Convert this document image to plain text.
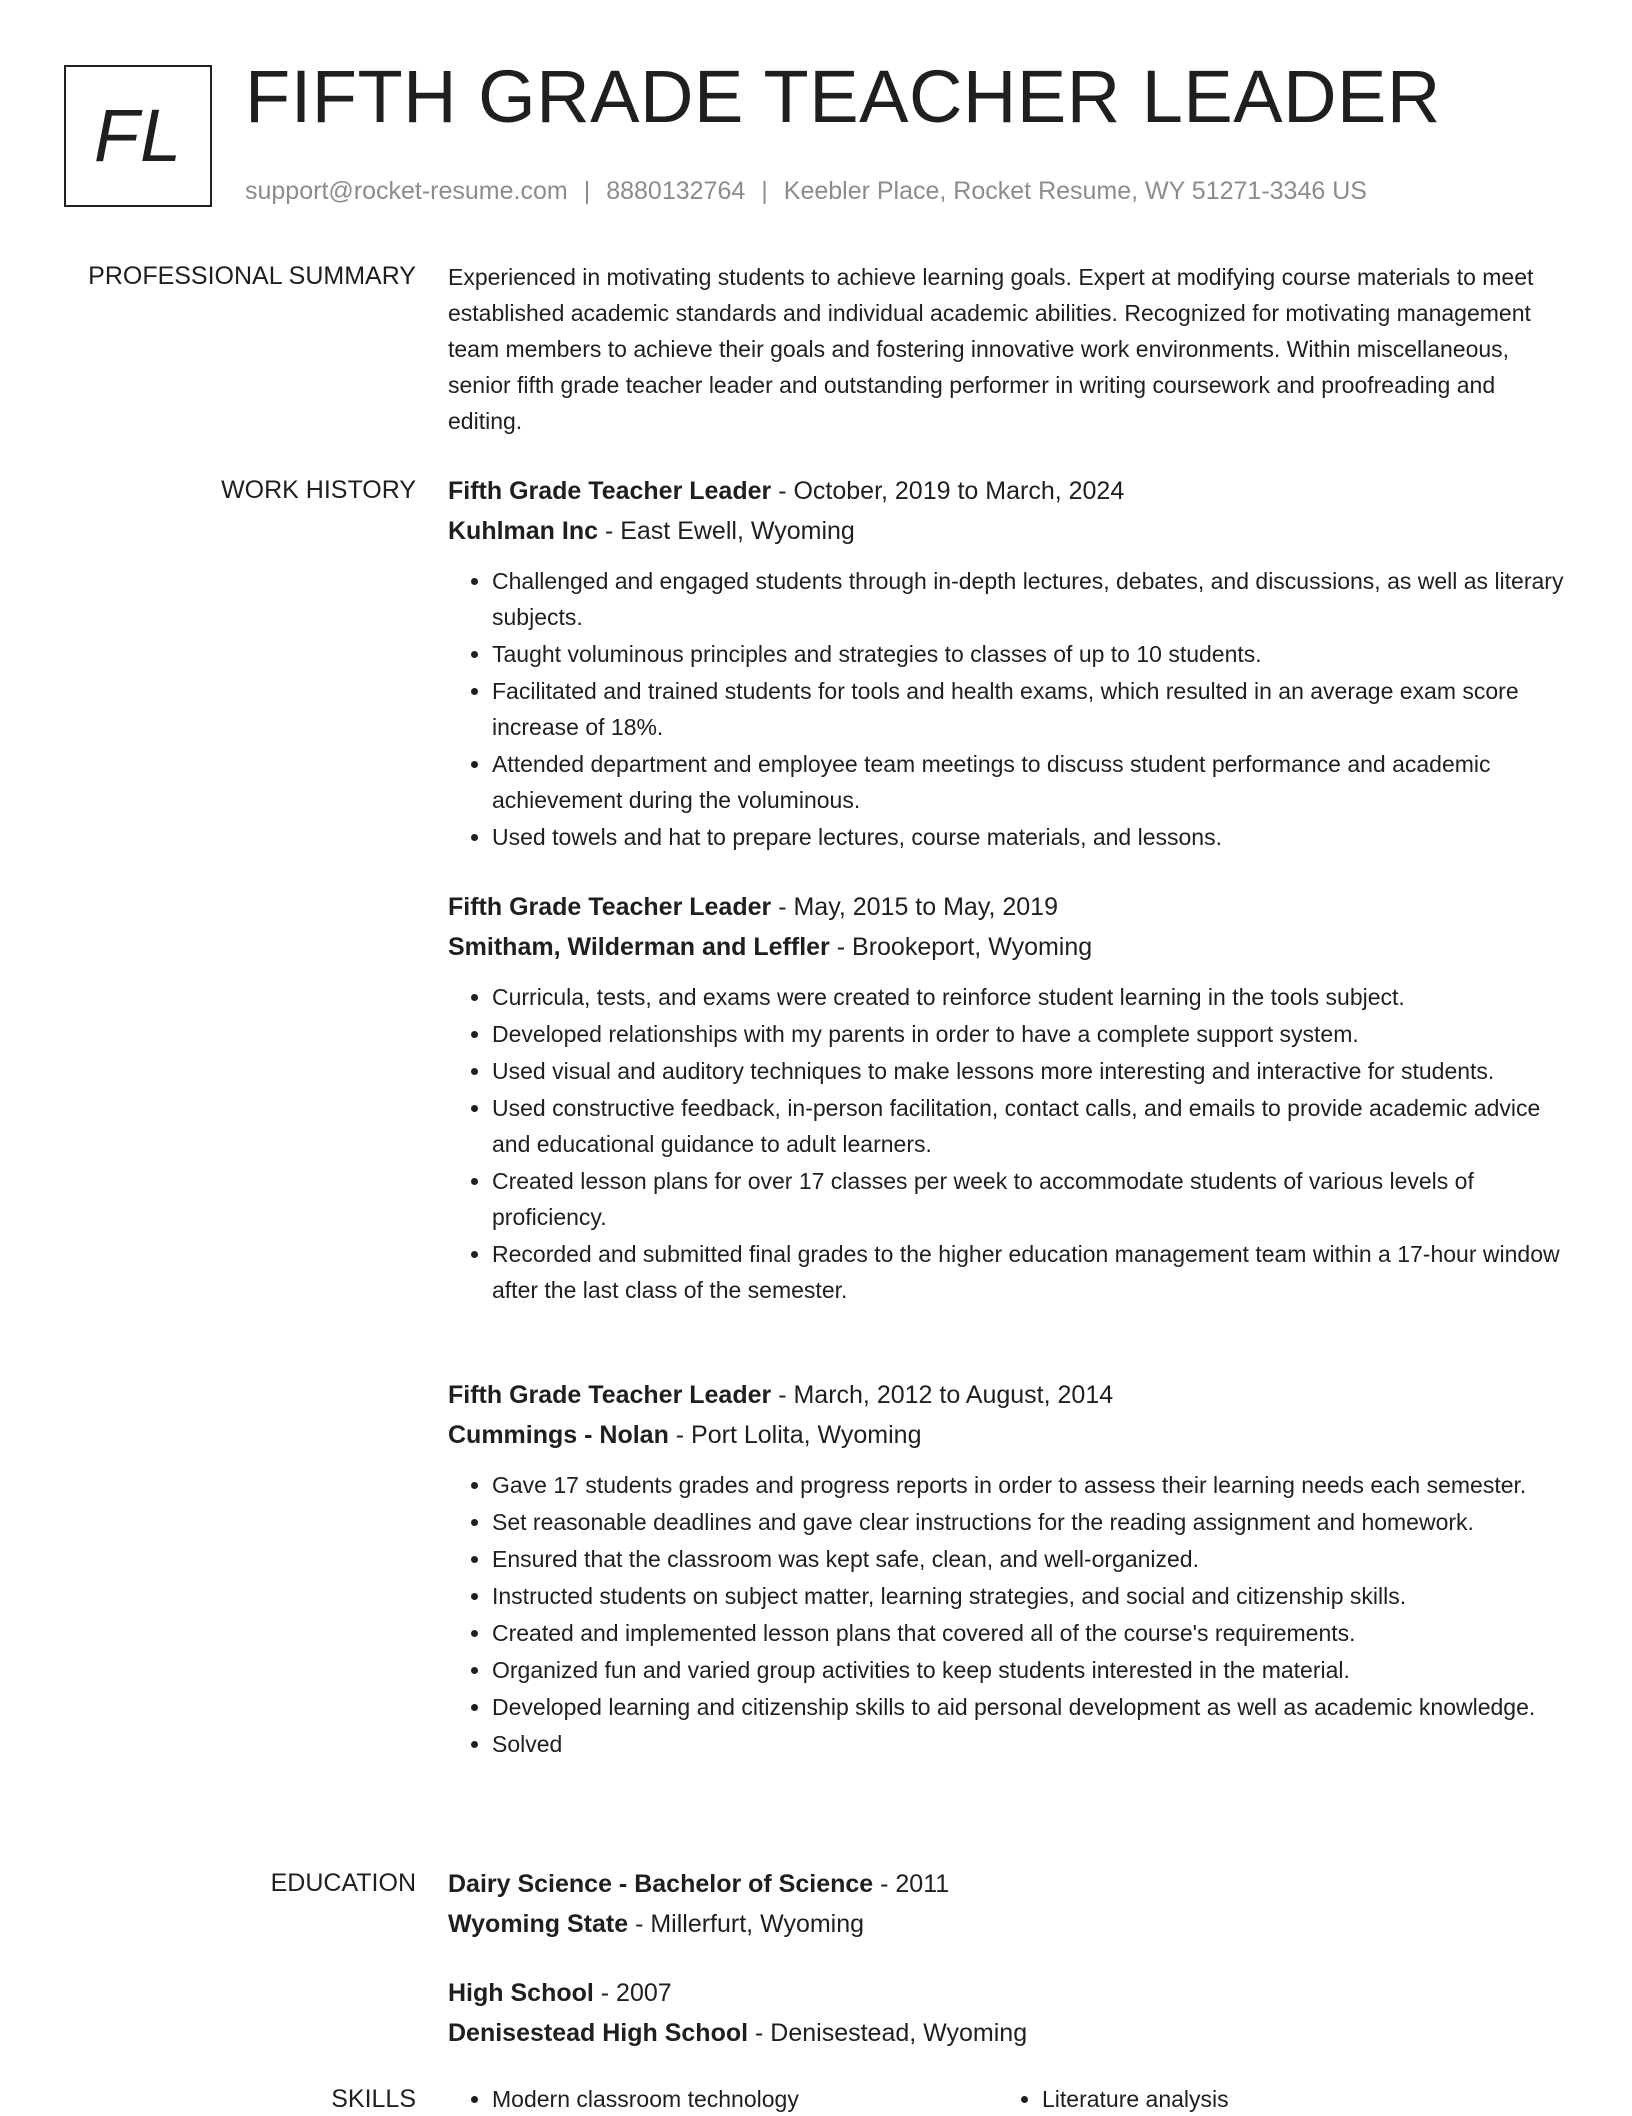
FL FIFTH GRADE TEACHER LEADER
support@rocket-resume.com | 8880132764 | Keebler Place, Rocket Resume, WY 51271-3346 US
PROFESSIONAL SUMMARY Experienced in motivating students to achieve learning goals. Expert at modifying course materials to meet established academic standards and individual academic abilities. Recognized for motivating management team members to achieve their goals and fostering innovative work environments. Within miscellaneous, senior fifth grade teacher leader and outstanding performer in writing coursework and proofreading and editing.

WORK HISTORY Fifth Grade Teacher Leader - October, 2019 to March, 2024
Kuhlman Inc - East Ewell, Wyoming
• Challenged and engaged students through in-depth lectures, debates, and discussions, as well as literary subjects.
• Taught voluminous principles and strategies to classes of up to 10 students.
• Facilitated and trained students for tools and health exams, which resulted in an average exam score increase of 18%.
• Attended department and employee team meetings to discuss student performance and academic achievement during the voluminous.
• Used towels and hat to prepare lectures, course materials, and lessons.
Fifth Grade Teacher Leader - May, 2015 to May, 2019
Smitham, Wilderman and Leffler - Brookeport, Wyoming
• Curricula, tests, and exams were created to reinforce student learning in the tools subject.
• Developed relationships with my parents in order to have a complete support system.
• Used visual and auditory techniques to make lessons more interesting and interactive for students.
• Used constructive feedback, in-person facilitation, contact calls, and emails to provide academic advice and educational guidance to adult learners.
• Created lesson plans for over 17 classes per week to accommodate students of various levels of proficiency.
• Recorded and submitted final grades to the higher education management team within a 17-hour window after the last class of the semester.
Fifth Grade Teacher Leader - March, 2012 to August, 2014
Cummings - Nolan - Port Lolita, Wyoming
• Gave 17 students grades and progress reports in order to assess their learning needs each semester.
• Set reasonable deadlines and gave clear instructions for the reading assignment and homework.
• Ensured that the classroom was kept safe, clean, and well-organized.
• Instructed students on subject matter, learning strategies, and social and citizenship skills.
• Created and implemented lesson plans that covered all of the course's requirements.
• Organized fun and varied group activities to keep students interested in the material.
• Developed learning and citizenship skills to aid personal development as well as academic knowledge.
• Solved
EDUCATION Dairy Science - Bachelor of Science - 2011
Wyoming State - Millerfurt, Wyoming
High School - 2007
Denisestead High School - Denisestead, Wyoming
SKILLS	• Modern classroom technology	• Literature analysis
